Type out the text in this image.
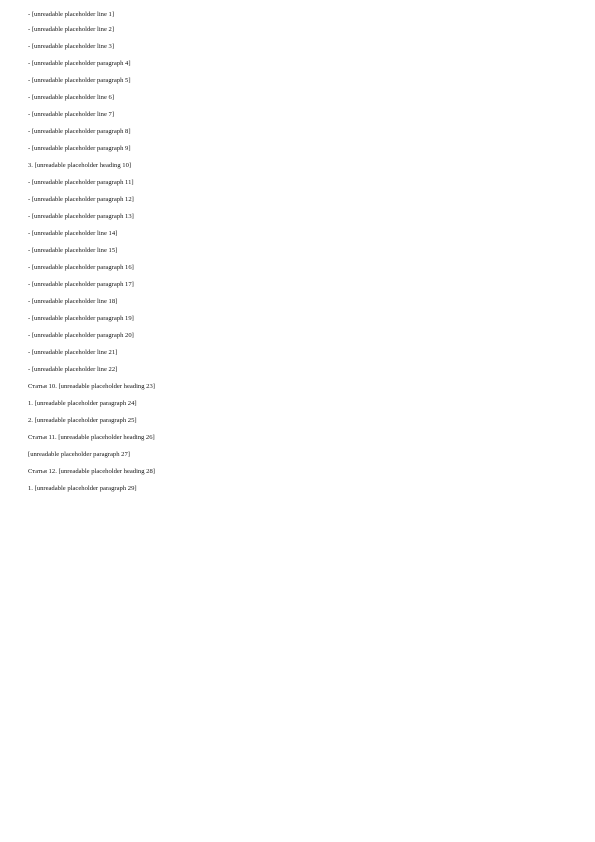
- [unreadable placeholder line 1]

- [unreadable placeholder line 2]

- [unreadable placeholder line 3]

- [unreadable placeholder paragraph 4]

- [unreadable placeholder paragraph 5]

- [unreadable placeholder line 6]

- [unreadable placeholder line 7]

- [unreadable placeholder paragraph 8]

- [unreadable placeholder paragraph 9]

3. [unreadable placeholder heading 10]

- [unreadable placeholder paragraph 11]

- [unreadable placeholder paragraph 12]

- [unreadable placeholder paragraph 13]

- [unreadable placeholder line 14]

- [unreadable placeholder line 15]

- [unreadable placeholder paragraph 16]

- [unreadable placeholder paragraph 17]

- [unreadable placeholder line 18]

- [unreadable placeholder paragraph 19]

- [unreadable placeholder paragraph 20]

- [unreadable placeholder line 21]

- [unreadable placeholder line 22]

Статья 10. [unreadable placeholder heading 23]

1. [unreadable placeholder paragraph 24]

2. [unreadable placeholder paragraph 25]

Статья 11. [unreadable placeholder heading 26]

[unreadable placeholder paragraph 27]

Статья 12. [unreadable placeholder heading 28]

1. [unreadable placeholder paragraph 29]
